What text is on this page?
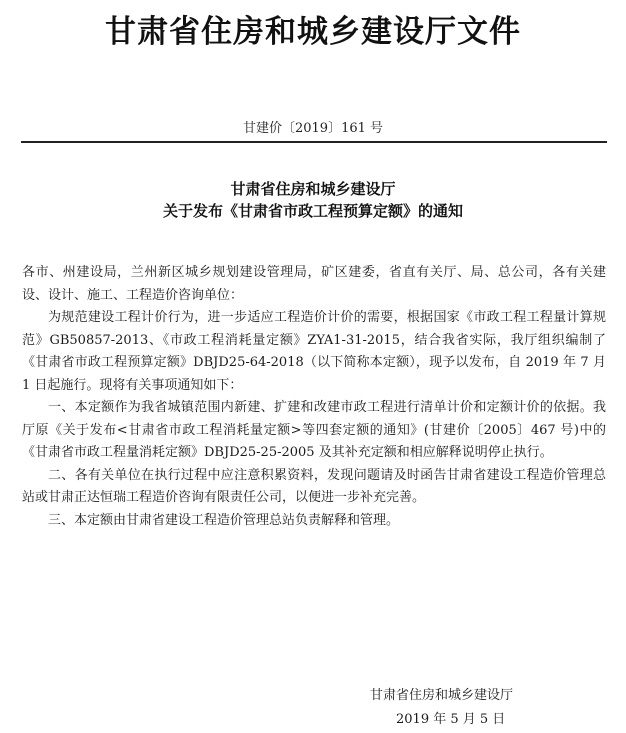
甘肃省住房和城乡建设厅文件
甘建价〔2019〕161 号
甘肃省住房和城乡建设厅
关于发布《甘肃省市政工程预算定额》的通知

各市、州建设局，兰州新区城乡规划建设管理局，矿区建委，省直有关厅、局、总公司，各有关建设、设计、施工、工程造价咨询单位：

为规范建设工程计价行为，进一步适应工程造价计价的需要，根据国家《市政工程工程量计算规范》GB50857-2013、《市政工程消耗量定额》ZYA1-31-2015，结合我省实际，我厅组织编制了《甘肃省市政工程预算定额》DBJD25-64-2018（以下简称本定额），现予以发布，自 2019 年 7 月 1 日起施行。现将有关事项通知如下：

一、本定额作为我省城镇范围内新建、扩建和改建市政工程进行清单计价和定额计价的依据。我厅原《关于发布<甘肃省市政工程消耗量定额>等四套定额的通知》(甘建价〔2005〕467 号)中的《甘肃省市政工程量消耗定额》DBJD25-25-2005 及其补充定额和相应解释说明停止执行。

二、各有关单位在执行过程中应注意积累资料，发现问题请及时函告甘肃省建设工程造价管理总站或甘肃正达恒瑞工程造价咨询有限责任公司，以便进一步补充完善。

三、本定额由甘肃省建设工程造价管理总站负责解释和管理。

甘肃省住房和城乡建设厅
2019 年 5 月 5 日
